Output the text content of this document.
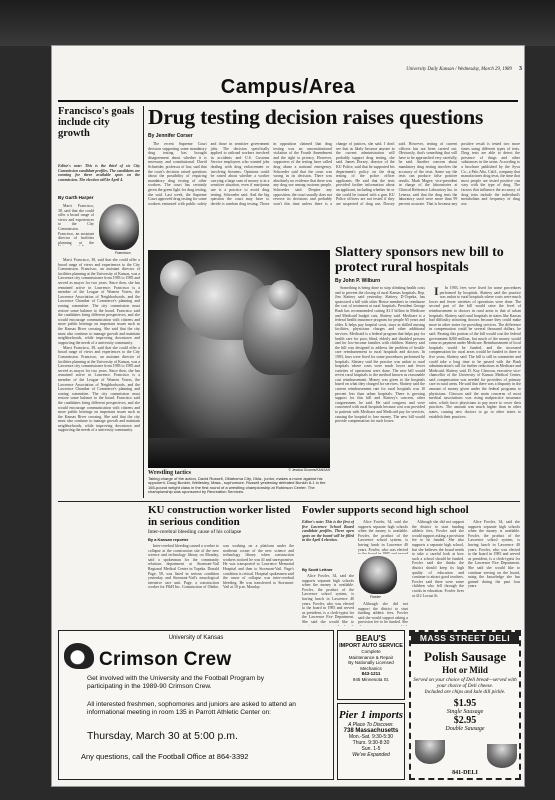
University Daily Kansan / Wednesday, March 29, 1989 3
Campus/Area
Francisco's goals include city growth
Editor's note: This is the third of six City Commission candidate profiles. The candidates are running for three available spots on the commission. The election will be April 4.
By Garth Harper

Marci Francisco, 38, said that she could offer a broad range of views and experiences to the City Commission. Francisco, an assistant director of facilities planning at the

Francisco

Marci Francisco, 38, said that she could offer a broad range of views and experiences to the City Commission. Francisco, an assistant director of facilities planning at the University of Kansas, was a Lawrence city commissioner from 1983 to 1985 and served as mayor for two years. Since then, she has remained active in Lawrence. Francisco is a member of the League of Women Voters, the Lawrence Association of Neighborhoods, and the Lawrence Chamber of Commerce's planning and zoning committee. The city commission must restore some balance to the board. Francisco said the candidates bring different perspectives, and she would encourage communication with citizens and more public hearings on important issues such as the Kansas River crossing. She said that the city must also continue to manage growth and maintain neighborhoods, while improving downtown and supporting the needs of a university community.

Marci Francisco, 38, said that she could offer a broad range of views and experiences to the City Commission. Francisco, an assistant director of facilities planning at the University of Kansas, was a Lawrence city commissioner from 1983 to 1985 and served as mayor for two years. Since then, she has remained active in Lawrence. Francisco is a member of the League of Women Voters, the Lawrence Association of Neighborhoods, and the Lawrence Chamber of Commerce's planning and zoning committee. The city commission must restore some balance to the board. Francisco said the candidates bring different perspectives, and she would encourage communication with citizens and more public hearings on important issues such as the Kansas River crossing. She said that the city must also continue to manage growth and maintain neighborhoods, while improving downtown and supporting the needs of a university community.

Drug testing decision raises questions
By Jennifer Corser

The recent Supreme Court decision supporting some mandatory drug testing has brought disagreement about whether it is necessary and constitutional. David Schneider, professor of law, said that the court's decision raised questions about the possibility of requiring mandatory drug testing of other workers. The court has certainly given the green light for drug testing, she said. Last week, the Supreme Court approved drug testing for some workers entrusted with public safety and those in sensitive government jobs. The decision specifically applied to railroad workers involved in accidents and U.S. Customs Service employees who wanted jobs dealing with drug enforcement or involving firearms. Opinions could be raised about whether a worker carrying a large sum of money is in a sensitive situation, even if marijuana use is a practice to avoid drug testing. Schroeder said. And the big question the court may have to decide is random drug testing. Those in opposition claimed that drug testing was an unconstitutional violation of the Fourth Amendment and the right to privacy. However, supporters of the testing have called drug abuse a national emergency. Schroeder said that the court was wrong in its decision. There was absolutely no evidence that there was any drug use among customs people, Schroeder said. Despite any opposition, the court usually does not reverse its decisions and probably won't this time unless there is a change of justices, she said. I don't see that as likely because anyone in the current administration will probably support drug testing, she said. James Dorsey, director of the KU Police, said that he supported his department's policy on the drug testing of the police officer applicants. He said that the tests provided further information about an applicant, including whether he or she could be trusted with a gun. KU Police officers are not tested if they are suspected of drug use, Dorsey said. However, testing of current officers has not been carried out. Obviously, that's something that will have to be approached very carefully, he said. Another concern about mandatory drug testing involves the accuracy of the tests. Some say the tests can produce false positive results. Mark Magee, vice-president in charge of the laboratories at Clinical Reference Laboratory Inc. in Lenexa, said that the drug tests the laboratory used were more than 99 percent accurate. That is because any positive result is tested two more times using different types of tests. Drug tests are able to detect the presence of drugs and other substances in the urine. According to a brochure published by the Syva Co., a Palo Alto, Calif., company that manufactures drug tests, the time that most people are tested positive can vary with the type of drug. The factors that influence the accuracy of drug tests include the individual's metabolism and frequency of drug use.

© Jessica Grooms/KANSAN
Wrestling tactics
Taking charge of the action, David Russell, Oklahoma City, Okla., junior, makes a move against his opponent, Doug Bunkin, Wellesley, Mass., sophomore. Russell yesterday defeated Bunkin 8-1 in the 165-pound weight class in the first round of a wrestling championship at Robinson Center. The championship was sponsored by Recreation Services.
Slattery sponsors new bill to protect rural hospitals
By John P. Wilburn

Something is being done to stop climbing health costs and to prevent the closing of rural Kansas hospitals, Rep. Jim Slattery said yesterday. Slattery, D-Topeka, has sponsored a bill with other House members to reimburse the cost of treatment at rural hospitals. President George Bush has recommended cutting $1.5 billion in Medicare and Medicaid budget cuts, Slattery said. Medicare is a federal health insurance program for people 65 years and older. It helps pay hospital costs, stays in skilled nursing facilities, physicians charges and other additional services. Medicaid is a federal program that helps pay for health care for poor, blind, elderly and disabled persons and for low-income families with children. Slattery said the bill was designed to address the problem of health-care reimbursement to rural hospitals and doctors. In 1983, laws were fixed for some procedures performed by hospitals. Slattery said the practice was unfair to rural hospitals where costs were much lower and fewer varieties of operations were done. The new bill would revert rural hospitals to the method known as reasonable cost reimbursement. Money was given to the hospitals based on what they charged for services. Slattery said the current reimbursement rate for rural hospitals was 10 percent less than urban hospitals. There is growing support for this bill and Slattery's concern, other congressmen, he said. He said congress and were concerned with rural hospitals because cost was provided to patients with Medicare and Medicaid pay for services, causing the hospital to lose money. The new bill would provide compensation for such losses.

I In 1983, fees were fixed for some procedures performed by hospitals. Slattery said the practice was unfair to rural hospitals where costs were much lower and fewer varieties of operations were done. The second part of the bill would raise the level of reimbursement to doctors in rural areas to that of urban hospitals. Slattery said rural hospitals in states like Kansas had difficulty attracting doctors because they could make more in other states for providing services. The difference in compensation could be several thousand dollars, he said. Passing this portion of the bill would cost the federal government $200 million, but much of the money would come as payment under Medicare. Reimbursement of local hospitals would be funded, and the increased compensation for rural areas would be funded in three to five years, Slattery said. The bill is still in committee and could take a long time to be passed with the Bush administration's call for further reductions in Medicare and Medicaid, Slattery said. D. Kay Clawson, executive vice-chancellor of the University of Kansas Medical Center, said compensation was needed for providers of primary care in rural areas. He said that there was a disparity in the amount of money given under the federal programs to physicians. Clawson said the main concerns of most medical associations was rising malpractice insurance rates, which force physicians to pay more to cover their practices. The amount was much higher than in other states, causing new doctors to go to other states to establish their practices.

KU construction worker listed in serious condition
Inter-cerebral bleeding cause of his collapse
By a Kansan reporter

Inter-cerebral bleeding caused a worker to collapse at the construction site of the new science and technology library on Monday, said a spokesman for the community relations department at Stormont-Vail Regional Medical Center in Topeka. Donald Page, 58, was listed in serious condition yesterday and Stormont-Vail's neurological intensive care unit. Page, a construction worker for F&H Inc. Construction of Olathe, was working on a platform under the northeast corner of the new science and technology library when construction workers noticed he was ill and unresponsive. He was transported to Lawrence Memorial Hospital and then to Stormont-Vail. Page's condition is critical. Hospital spokesmen said the cause of collapse was inter-cerebral bleeding. He was transferred to Stormont-Vail at 10 p.m. Monday.

Fowler supports second high school
Editor's note: This is the first of five Lawrence School Board candidate profiles. Three open spots on the board will be filled in the April 4 election.
By Scott Leitner

Alice Fowler, 34, said she supports separate high schools when the money is available. Fowler, the product of the Lawrence school system, is having lunch in Lawrence 40 years. Fowler, who was elected to the board in 1985 and served as president, is a clerk-typist for the Lawrence Fire Department. She said she would like to

Fowler

Alice Fowler, 34, said she supports separate high schools when the money is available. Fowler, the product of the Lawrence school system, is having lunch in Lawrence 40 years. Fowler, who was elected

Although she did not support the district to start funding athletic fees, Fowler said she would support asking a provision fee to be funded. She

Although she did not support the district to start funding athletic fees, Fowler said she would support asking a provision fee to be funded. She also supports a separate high school, but she believes the board needs to take a careful look at how such a school should be funded. Fowler said she thinks the district should keep its high quality of education and continue to attract good teachers. Fowler said there were some children who fell through the cracks in education. Fowler lives at 412 Locust St.

Alice Fowler, 34, said she supports separate high schools when the money is available. Fowler, the product of the Lawrence school system, is having lunch in Lawrence 40 years. Fowler, who was elected to the board in 1985 and served as president, is a clerk-typist for the Lawrence Fire Department. She said she would like to continue serving on the board, using the knowledge she has gained during the past four years.

University of Kansas
Crimson Crew
Get involved with the University and the Football Program by participating in the 1989-90 Crimson Crew.
All interested freshmen, sophomores and juniors are asked to attend an informational meeting in room 135 in Parrott Athletic Center on:
Thursday, March 30 at 5:00 p.m.
Any questions, call the Football Office at 864-3392
BEAU'S
IMPORT AUTO SERVICE
Complete
Maintenance & Repair
By Nationally Licensed
Mechanics
843-1211
945 Minnesota St.
Pier 1 imports
A Place To Discover.
738 Massachusetts
Mon.-Sat. 9:30-5:30
Thurs. 9:30-8:30
Sun. 1-5
We've Expanded
MASS STREET DELI
Polish Sausage
Hot or Mild
Served on your choice of Deli bread—served with your choice of Deli cheese.
Included are chips and kale dill pickle.
$1.95
Single Sausage
$2.95
Double Sausage
841-DELI
